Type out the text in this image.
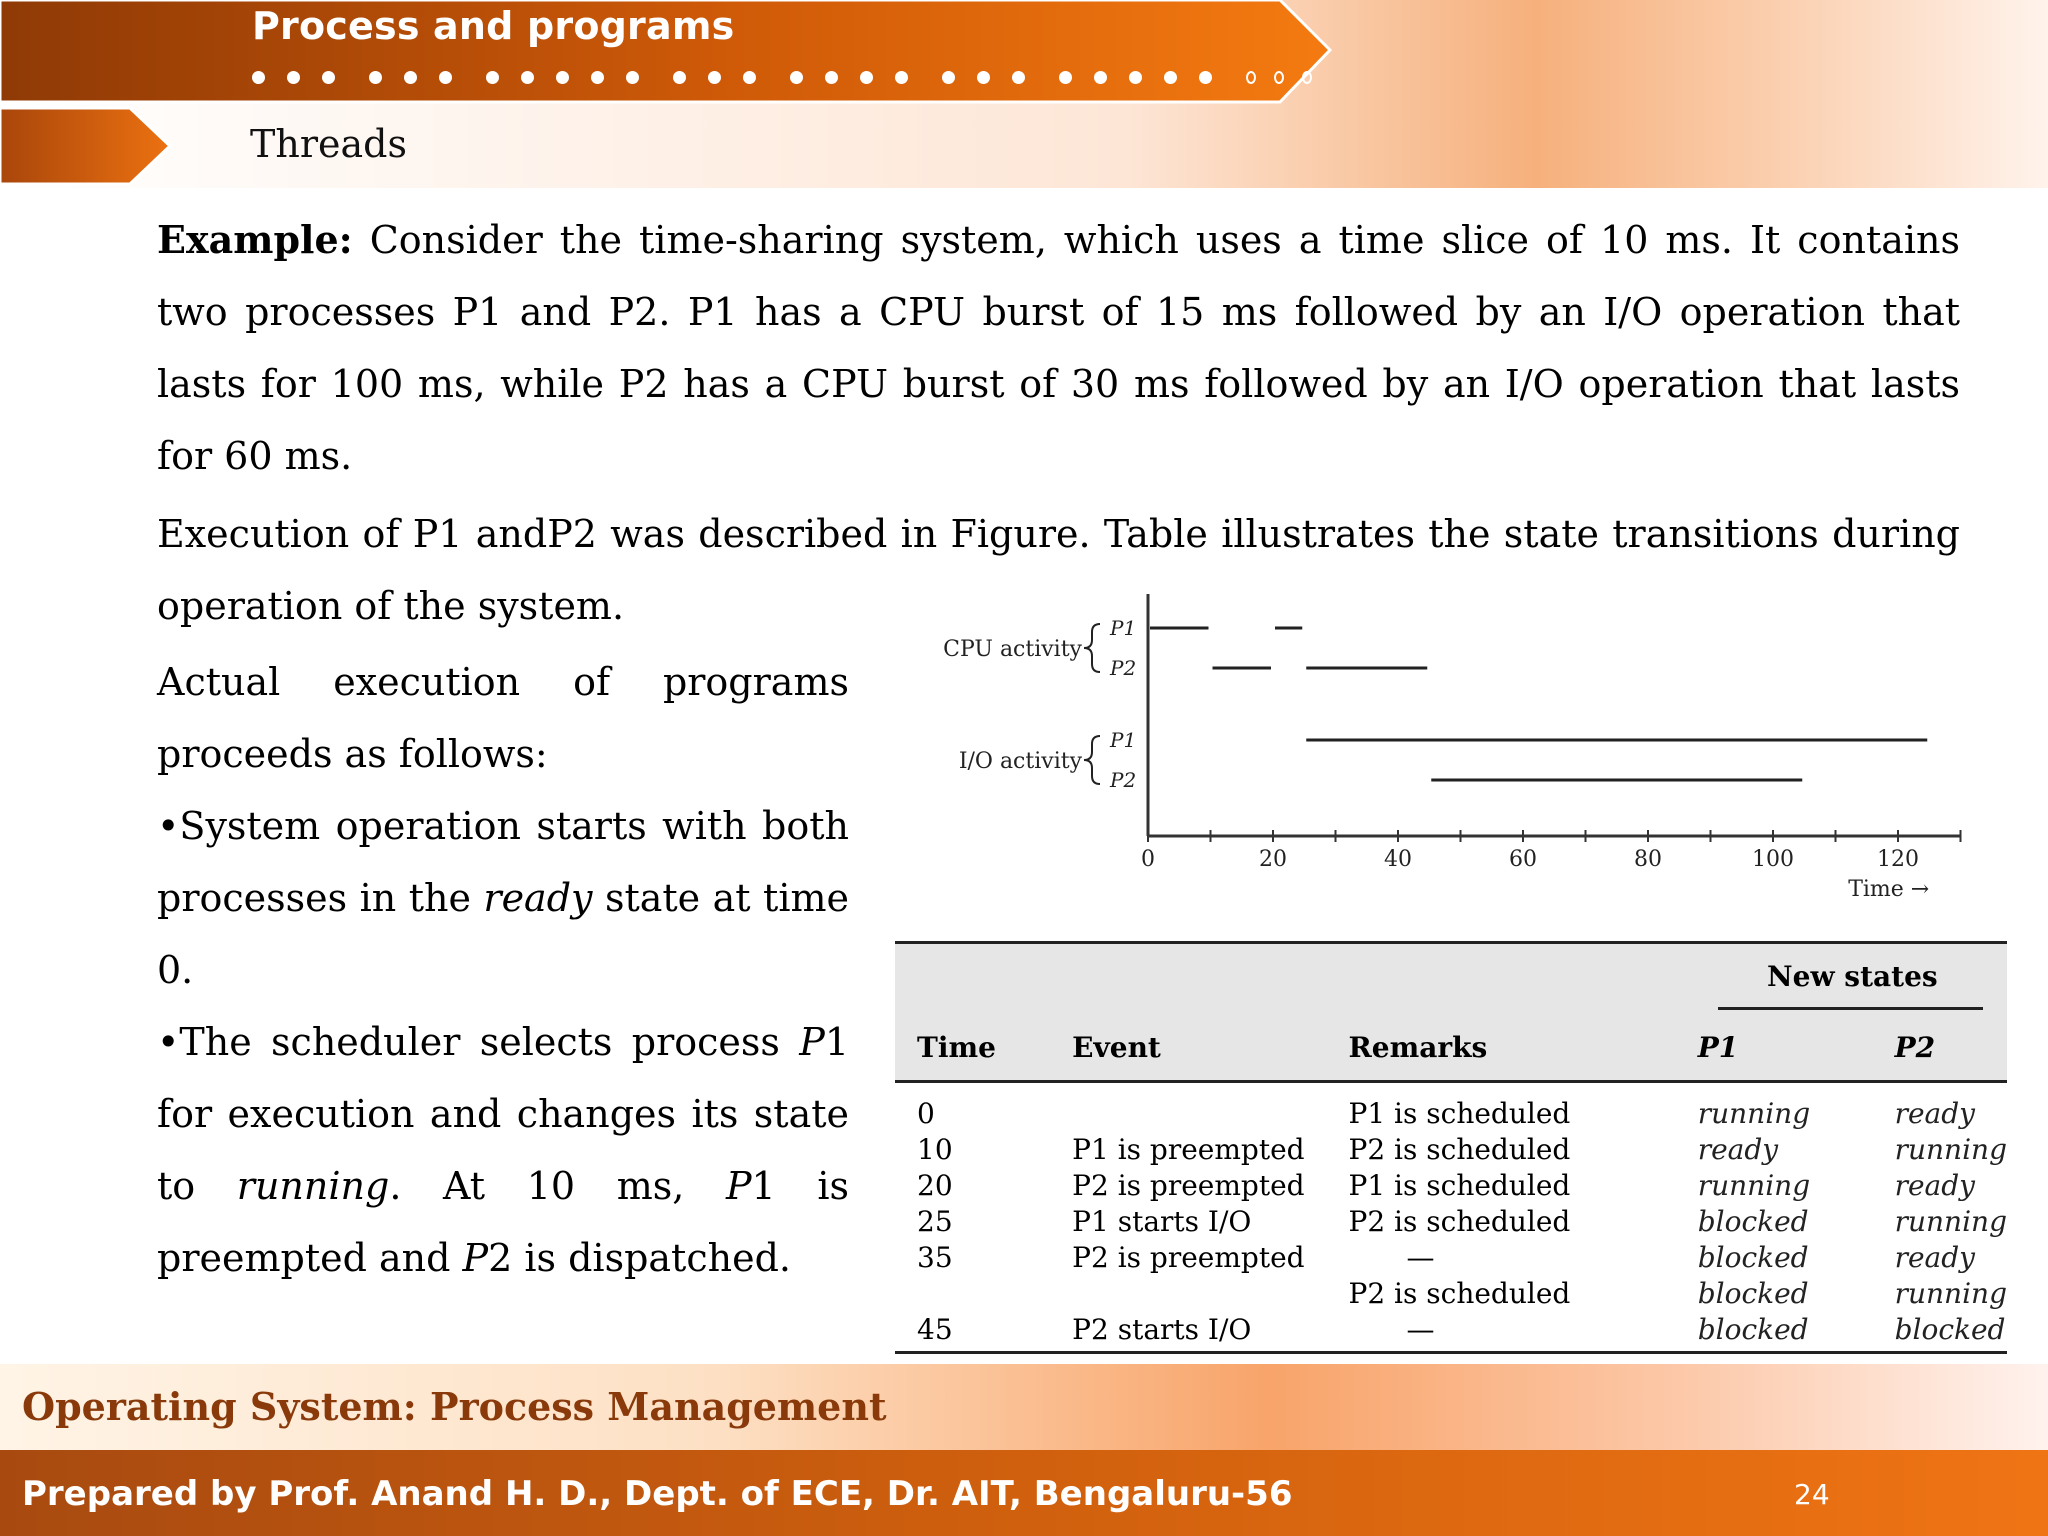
Process and programs
Threads
Example: Consider the time-sharing system, which uses a time slice of 10 ms. It contains two processes P1 and P2. P1 has a CPU burst of 15 ms followed by an I/O operation that lasts for 100 ms, while P2 has a CPU burst of 30 ms followed by an I/O operation that lasts for 60 ms.
Execution of P1 andP2 was described in Figure. Table illustrates the state transitions during operation of the system.

Actual execution of programs proceeds as follows:

•System operation starts with both processes in the ready state at time 0.

•The scheduler selects process P1 for execution and changes its state to running. At 10 ms, P1 is preempted and P2 is dispatched.

0	20	40	60	80	100	120
Time →
CPU activity
I/O activity
P1
P2
P1
P2
			New states	

Time	Event	Remarks	P1	P2
0		P1 is scheduled	running	ready
10	P1 is preempted	P2 is scheduled	ready	running
20	P2 is preempted	P1 is scheduled	running	ready
25	P1 starts I/O	P2 is scheduled	blocked	running
35	P2 is preempted	—	blocked	ready
		P2 is scheduled	blocked	running
45	P2 starts I/O	—	blocked	blocked
Operating System: Process Management
Prepared by Prof. Anand H. D., Dept. of ECE, Dr. AIT, Bengaluru-56	24
